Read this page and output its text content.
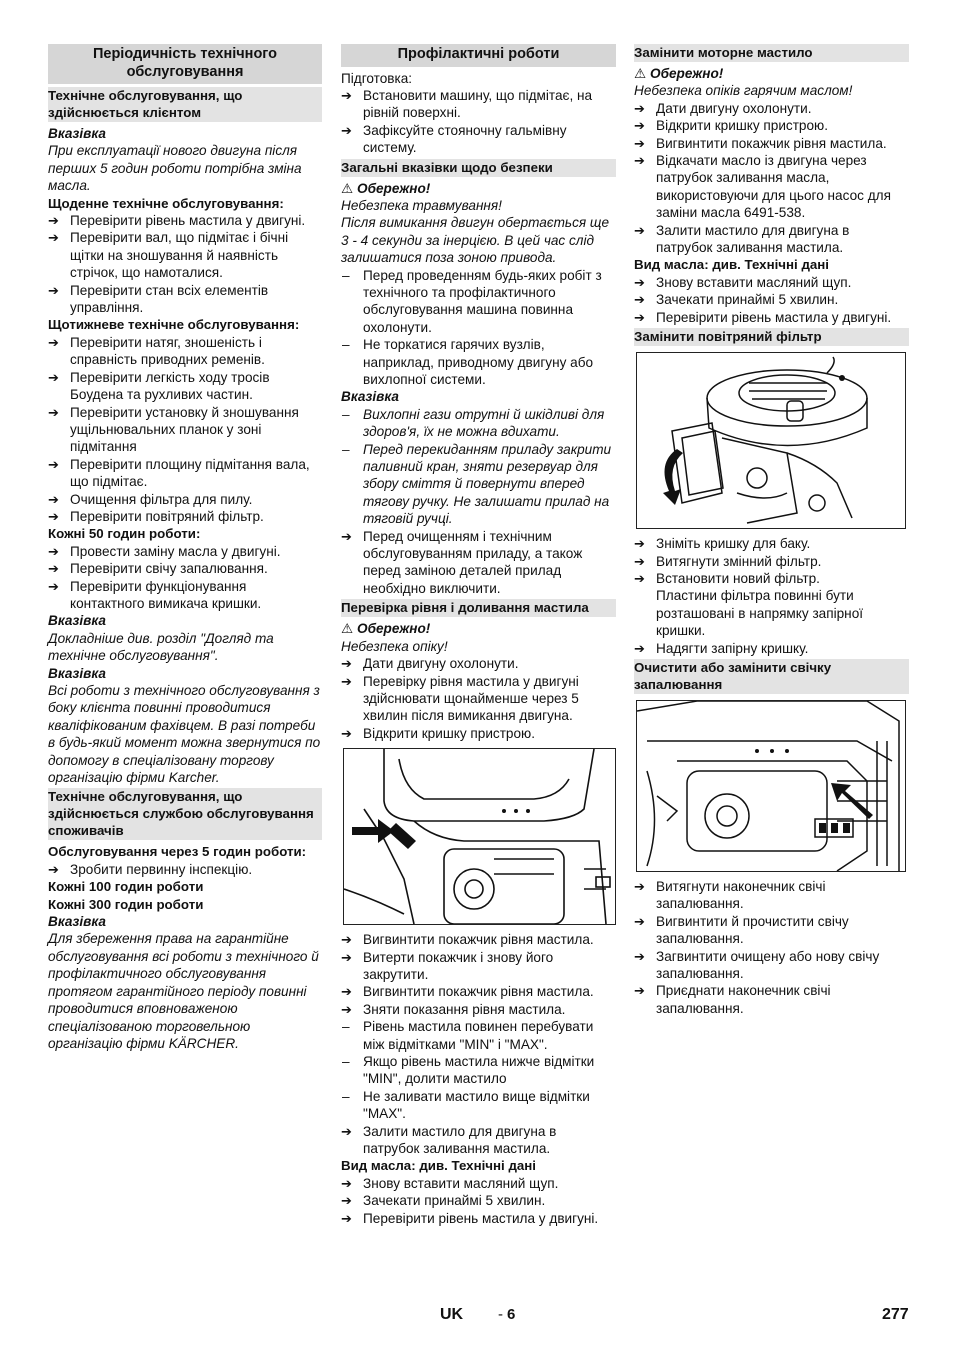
Періодичність технічного обслуговування
Технічне обслуговування, що здійснюється клієнтом
Вказівка
При експлуатації нового двигуна після перших 5 годин роботи потрібна зміна масла.
Щоденне технічне обслуговування:
➔ Перевірити рівень мастила у двигуні.
➔ Перевірити вал, що підмітає і бічні щітки на зношування й наявність стрічок, що намоталися.
➔ Перевірити стан всіх елементів управління.
Щотижневе технічне обслуговування:
➔ Перевірити натяг, зношеність і справність приводних ременів.
➔ Перевірити легкість ходу тросів Боудена та рухливих частин.
➔ Перевірити установку й зношування ущільнювальних планок у зоні підмітання
➔ Перевірити площину підмітання вала, що підмітає.
➔ Очищення фільтра для пилу.
➔ Перевірити повітряний фільтр.
Кожні 50 годин роботи:
➔ Провести заміну масла у двигуні.
➔ Перевірити свічу запалювання.
➔ Перевірити функціонування контактного вимикача кришки.
Вказівка
Докладніше див. розділ "Догляд та технічне обслуговування".
Вказівка
Всі роботи з технічного обслуговування з боку клієнта повинні проводитися кваліфікованим фахівцем. В разі потреби в будь-який момент можна звернутися по допомогу в спеціалізовану торгову організацію фірми Karcher.
Технічне обслуговування, що здійснюється службою обслуговування споживачів
Обслуговування через 5 годин роботи:
➔ Зробити первинну інспекцію.
Кожні 100 годин роботи
Кожні 300 годин роботи
Вказівка
Для збереження права на гарантійне обслуговування всі роботи з технічного й профілактичного обслуговування протягом гарантійного періоду повинні проводитися вповноваженою спеціалізованою торговельною організацію фірми KÄRCHER.
Профілактичні роботи
Підготовка:
➔ Встановити машину, що підмітає, на рівній поверхні.
➔ Зафіксуйте стояночну гальмівну систему.
Загальні вказівки щодо безпеки
⚠ Обережно!
Небезпека травмування!
Після вимикання двигун обертається ще 3 - 4 секунди за інерцією. В цей час слід залишатися поза зоною привода.
– Перед проведенням будь-яких робіт з технічного та профілактичного обслуговування машина повинна охолонути.
– Не торкатися гарячих вузлів, наприклад, приводному двигуну або вихлопної системи.
Вказівка
– Вихлопні гази отрутні й шкідливі для здоров'я, їх не можна вдихати.
– Перед перекиданням приладу закрити паливний кран, зняти резервуар для збору сміття й повернути вперед тягову ручку. Не залишати прилад на тяговій ручці.
➔ Перед очищенням і технічним обслуговуванням приладу, а також перед заміною деталей прилад необхідно виключити.
Перевірка рівня і доливання мастила
⚠ Обережно!
Небезпека опіку!
➔ Дати двигуну охолонути.
➔ Перевірку рівня мастила у двигуні здійснювати щонайменше через 5 хвилин після вимикання двигуна.
➔ Відкрити кришку пристрою.
➔ Вигвинтити покажчик рівня мастила.
➔ Витерти покажчик і знову його закрутити.
➔ Вигвинтити покажчик рівня мастила.
➔ Зняти показання рівня мастила.
– Рівень мастила повинен перебувати між відмітками "MIN" і "MAX".
– Якщо рівень мастила нижче відмітки "MIN", долити мастило
– Не заливати мастило вище відмітки "MAX".
➔ Залити мастило для двигуна в патрубок заливання мастила.
Вид масла: див. Технічні дані
➔ Знову вставити масляний щуп.
➔ Зачекати принаймі 5 хвилин.
➔ Перевірити рівень мастила у двигуні.
Замінити моторне мастило
⚠ Обережно!
Небезпека опіків гарячим маслом!
➔ Дати двигуну охолонути.
➔ Відкрити кришку пристрою.
➔ Вигвинтити покажчик рівня мастила.
➔ Відкачати масло із двигуна через патрубок заливання масла, використовуючи для цього насос для заміни масла 6491-538.
➔ Залити мастило для двигуна в патрубок заливання мастила.
Вид масла: див. Технічні дані
➔ Знову вставити масляний щуп.
➔ Зачекати принаймі 5 хвилин.
➔ Перевірити рівень мастила у двигуні.
Замінити повітряний фільтр
➔ Зніміть кришку для баку.
➔ Витягнути змінний фільтр.
➔ Встановити новий фільтр.
Пластини фільтра повинні бути розташовані в напрямку запірної кришки.
➔ Надягти запірну кришку.
Очистити або замінити свічку запалювання
➔ Витягнути наконечник свічі запалювання.
➔ Вигвинтити й прочистити свічу запалювання.
➔ Загвинтити очищену або нову свічу запалювання.
➔ Приєднати наконечник свічі запалювання.
UK - 6	277
